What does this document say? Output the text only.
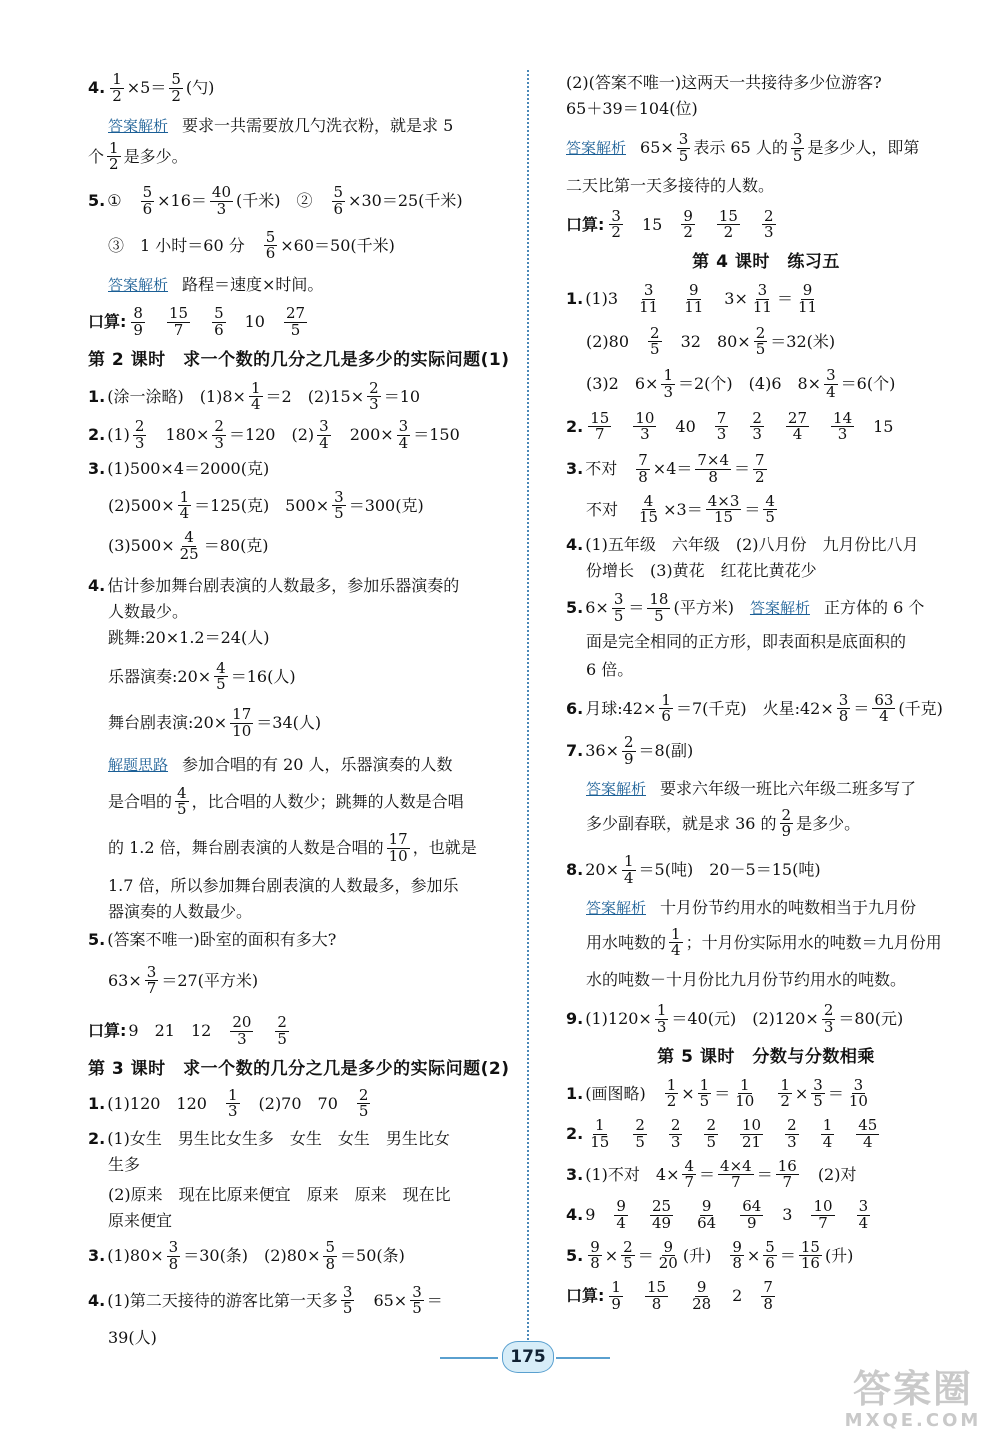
4. $\frac{1}{2} \times 5= \frac{5}{2}$ (勺)
答案解析 要求一共需要放几勺洗衣粉，就是求 5
个 $\frac{1}{2}$ 是多少。
5. ①　 $\frac{5}{6} \times 16= \frac{40}{3}$ (千米)　②　 $\frac{5}{6} \times 30=25$(千米)
③　1 小时＝60 分　 $\frac{5}{6} \times 60=50$(千米)
答案解析 路程＝速度×时间。
口算: $\frac{8}{9}$
　 $\frac{15}{7}$
　 $\frac{5}{6}$ 　10　 $\frac{27}{5}$
第 2 课时　求一个数的几分之几是多少的实际问题(1)
1. (涂一涂略)　$(1)8\times \frac{1}{4} =2$　$(2)15\times \frac{2}{3} =10$
2. $(1) \frac{2}{3}$ 　$180\times \frac{2}{3} =120$　$(2) \frac{3}{4}$ 　$200\times \frac{3}{4} =150$
3. (1)500×4＝2000(克)
$(2)500\times \frac{1}{4} =125$(克)　$500\times \frac{3}{5} =300$(克)
$(3)500\times \frac{4}{25} =80$(克)
4. 估计参加舞台剧表演的人数最多，参加乐器演奏的
人数最少。
跳舞:20×1.2＝24(人)
乐器演奏:20× $\frac{4}{5} =16$(人)
舞台剧表演:20× $\frac{17}{10} =34$(人)
解题思路 参加合唱的有 20 人，乐器演奏的人数
是合唱的 $\frac{4}{5}$ ，比合唱的人数少；跳舞的人数是合唱
的 1.2 倍，舞台剧表演的人数是合唱的 $\frac{17}{10}$ ，也就是
1.7 倍，所以参加舞台剧表演的人数最多，参加乐
器演奏的人数最少。
5. (答案不唯一)卧室的面积有多大?
$63\times \frac{3}{7} =27$(平方米)
口算: 9　21　12　 $\frac{20}{3}$
　 $\frac{2}{5}$
第 3 课时　求一个数的几分之几是多少的实际问题(2)
1. (1)120　120　 $\frac{1}{3}$ 　(2)70　70　 $\frac{2}{5}$
2. (1)女生　男生比女生多　女生　女生　男生比女
生多
(2)原来　现在比原来便宜　原来　原来　现在比
原来便宜
3. $(1)80\times \frac{3}{8} =30$(条)　$(2)80\times \frac{5}{8} =50$(条)
4. (1)第二天接待的游客比第一天多 $\frac{3}{5}$ 　$65\times \frac{3}{5}$ ＝
39(人)
(2)(答案不唯一)这两天一共接待多少位游客?
65＋39＝104(位)
答案解析 $65\times \frac{3}{5}$ 表示 65 人的 $\frac{3}{5}$ 是多少人，即第
二天比第一天多接待的人数。
口算: $\frac{3}{2}$ 　15　 $\frac{9}{2}$
　 $\frac{15}{2}$
　 $\frac{2}{3}$
第 4 课时　练习五
1. (1)3　 $\frac{3}{11}$
　 $\frac{9}{11}$ 　$3\times \frac{3}{11} = \frac{9}{11}$
(2)80　 $\frac{2}{5}$ 　32　$80\times \frac{2}{5} =32$(米)
(3)2　$6\times \frac{1}{3} =2$(个)　(4)6　$8\times \frac{3}{4} =6$(个)
2. $\frac{15}{7}$
　 $\frac{10}{3}$ 　40　 $\frac{7}{3}$
　 $\frac{2}{3}$
　 $\frac{27}{4}$
　 $\frac{14}{3}$ 　15
3. 不对　 $\frac{7}{8} \times 4= \frac{7\times 4}{8} = \frac{7}{2}$
不对　 $\frac{4}{15} \times 3= \frac{4\times 3}{15} = \frac{4}{5}$
4. (1)五年级　六年级　(2)八月份　九月份比八月
份增长　(3)黄花　红花比黄花少
5. $6\times \frac{3}{5} = \frac{18}{5}$ (平方米)　 答案解析 正方体的 6 个
面是完全相同的正方形，即表面积是底面积的
6 倍。
6. 月球:42× $\frac{1}{6} =7$(千克)　火星:42× $\frac{3}{8} = \frac{63}{4}$ (千克)
7. $36\times \frac{2}{9} =8$(副)
答案解析 要求六年级一班比六年级二班多写了
多少副春联，就是求 36 的 $\frac{2}{9}$ 是多少。
8. $20\times \frac{1}{4} =5$(吨)　20－5＝15(吨)
答案解析 十月份节约用水的吨数相当于九月份
用水吨数的 $\frac{1}{4}$ ；十月份实际用水的吨数＝九月份用
水的吨数－十月份比九月份节约用水的吨数。
9. $(1)120\times \frac{1}{3} =40$(元)　$(2)120\times \frac{2}{3} =80$(元)
第 5 课时　分数与分数相乘
1. (画图略)　 $\frac{1}{2} \times \frac{1}{5} = \frac{1}{10}$
　 $\frac{1}{2} \times \frac{3}{5} = \frac{3}{10}$
2. $\frac{1}{15}$
　 $\frac{2}{5}$
　 $\frac{2}{3}$
　 $\frac{2}{5}$
　 $\frac{10}{21}$
　 $\frac{2}{3}$
　 $\frac{1}{4}$
　 $\frac{45}{4}$
3. (1)不对　$4\times \frac{4}{7} = \frac{4\times 4}{7} = \frac{16}{7}$ 　(2)对
4. 9　 $\frac{9}{4}$
　 $\frac{25}{49}$
　 $\frac{9}{64}$
　 $\frac{64}{9}$ 　3　 $\frac{10}{7}$
　 $\frac{3}{4}$
5. $\frac{9}{8} \times \frac{2}{5} = \frac{9}{20}$ (升)　 $\frac{9}{8} \times \frac{5}{6} = \frac{15}{16}$ (升)
口算: $\frac{1}{9}$
　 $\frac{15}{8}$
　 $\frac{9}{28}$ 　2　 $\frac{7}{8}$
175
答案圈
MXQE.COM
